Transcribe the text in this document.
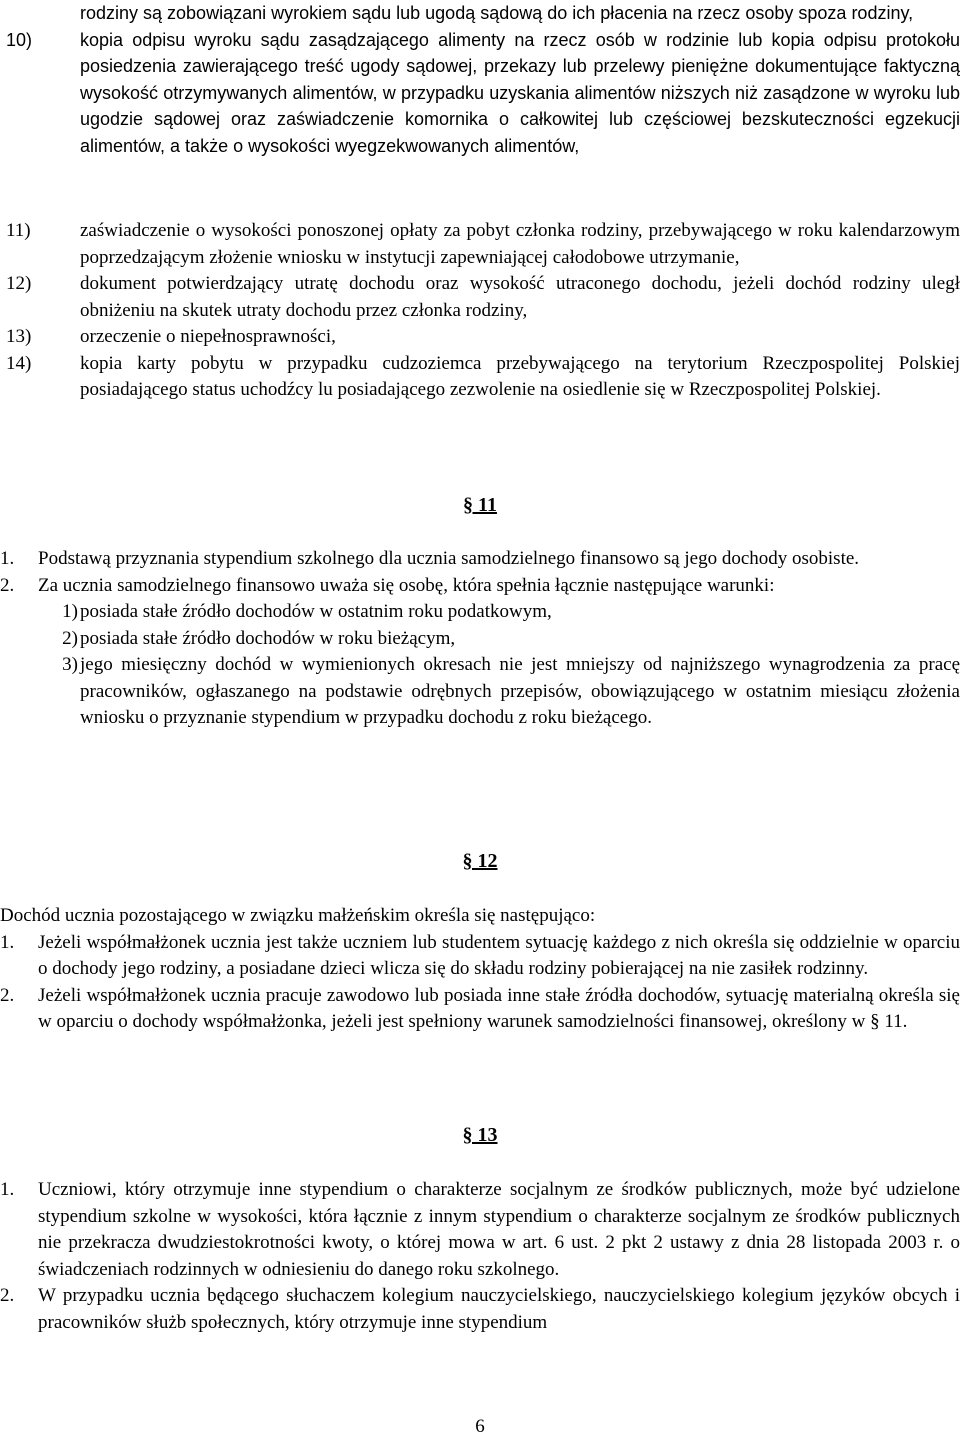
rodziny są zobowiązani wyrokiem sądu lub ugodą sądową do ich płacenia na rzecz osoby spoza rodziny,
10)	kopia odpisu wyroku sądu zasądzającego alimenty na rzecz osób w rodzinie lub kopia odpisu protokołu posiedzenia zawierającego treść ugody sądowej, przekazy lub przelewy pieniężne dokumentujące faktyczną wysokość otrzymywanych alimentów, w przypadku uzyskania alimentów niższych niż zasądzone w wyroku lub ugodzie sądowej oraz zaświadczenie komornika o całkowitej lub częściowej bezskuteczności egzekucji alimentów, a także o wysokości wyegzekwowanych alimentów,
11)	zaświadczenie o wysokości ponoszonej opłaty za pobyt członka rodziny, przebywającego w roku kalendarzowym poprzedzającym złożenie wniosku w instytucji zapewniającej całodobowe utrzymanie,
12)	dokument potwierdzający utratę dochodu oraz wysokość utraconego dochodu, jeżeli dochód rodziny uległ obniżeniu na skutek utraty dochodu przez członka rodziny,
13)	orzeczenie o niepełnosprawności,
14)	kopia karty pobytu w przypadku cudzoziemca przebywającego na terytorium Rzeczpospolitej Polskiej posiadającego status uchodźcy lu posiadającego zezwolenie na osiedlenie się w Rzeczpospolitej Polskiej.
§ 11
1.	Podstawą przyznania stypendium szkolnego dla ucznia samodzielnego finansowo są jego dochody osobiste.
2.	Za ucznia samodzielnego finansowo uważa się osobę, która spełnia łącznie następujące warunki:
1) posiada stałe źródło dochodów w ostatnim roku podatkowym,
2) posiada stałe źródło dochodów w roku bieżącym,
3) jego miesięczny dochód w wymienionych okresach nie jest mniejszy od najniższego wynagrodzenia za pracę pracowników, ogłaszanego na podstawie odrębnych przepisów, obowiązującego w ostatnim miesiącu złożenia wniosku o przyznanie stypendium w przypadku dochodu z roku bieżącego.
§ 12

Dochód ucznia pozostającego w związku małżeńskim określa się następująco:

1.	Jeżeli współmałżonek ucznia jest także uczniem lub studentem sytuację każdego z nich określa się oddzielnie w oparciu o dochody jego rodziny, a posiadane dzieci wlicza się do składu rodziny pobierającej na nie zasiłek rodzinny.
2.	Jeżeli współmałżonek ucznia pracuje zawodowo lub posiada inne stałe źródła dochodów, sytuację materialną określa się w oparciu o dochody współmałżonka, jeżeli jest spełniony warunek samodzielności finansowej, określony w § 11.
§ 13
1.	Uczniowi, który otrzymuje inne stypendium o charakterze socjalnym ze środków publicznych, może być udzielone stypendium szkolne w wysokości, która łącznie z innym stypendium o charakterze socjalnym ze środków publicznych nie przekracza dwudziestokrotności kwoty, o której mowa w art. 6 ust. 2 pkt 2 ustawy z dnia 28 listopada 2003 r. o świadczeniach rodzinnych w odniesieniu do danego roku szkolnego.
2.	W przypadku ucznia będącego słuchaczem kolegium nauczycielskiego, nauczycielskiego kolegium języków obcych i pracowników służb społecznych, który otrzymuje inne stypendium
6
